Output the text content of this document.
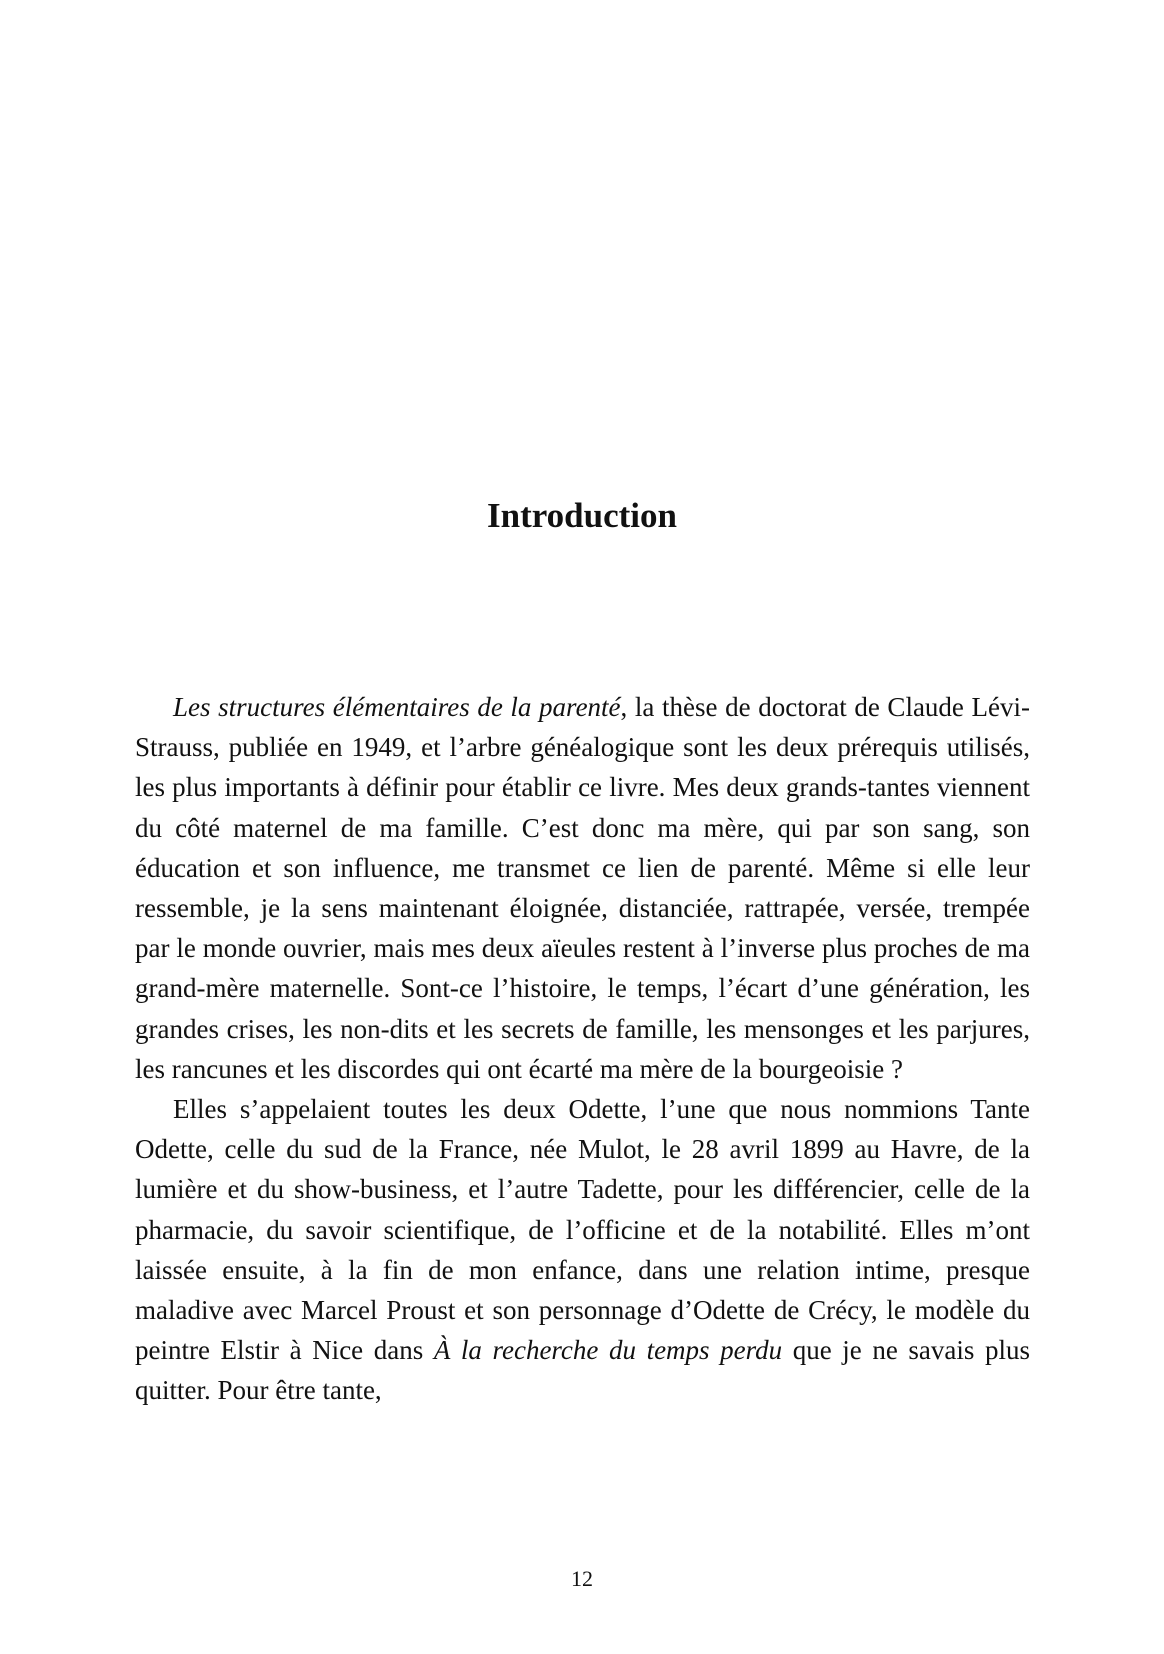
Introduction

Les structures élémentaires de la parenté, la thèse de doctorat de Claude Lévi-Strauss, publiée en 1949, et l’arbre généalogique sont les deux prérequis utilisés, les plus importants à définir pour établir ce livre. Mes deux grands-tantes viennent du côté maternel de ma famille. C’est donc ma mère, qui par son sang, son éducation et son influence, me transmet ce lien de parenté. Même si elle leur ressemble, je la sens maintenant éloignée, distanciée, rattrapée, versée, trempée par le monde ouvrier, mais mes deux aïeules restent à l’inverse plus proches de ma grand-mère maternelle. Sont-ce l’histoire, le temps, l’écart d’une génération, les grandes crises, les non-dits et les secrets de famille, les mensonges et les parjures, les rancunes et les discordes qui ont écarté ma mère de la bourgeoisie ?

Elles s’appelaient toutes les deux Odette, l’une que nous nommions Tante Odette, celle du sud de la France, née Mulot, le 28 avril 1899 au Havre, de la lumière et du show-business, et l’autre Tadette, pour les différencier, celle de la pharmacie, du savoir scientifique, de l’officine et de la notabilité. Elles m’ont laissée ensuite, à la fin de mon enfance, dans une relation intime, presque maladive avec Marcel Proust et son personnage d’Odette de Crécy, le modèle du peintre Elstir à Nice dans À la recherche du temps perdu que je ne savais plus quitter. Pour être tante,

12
